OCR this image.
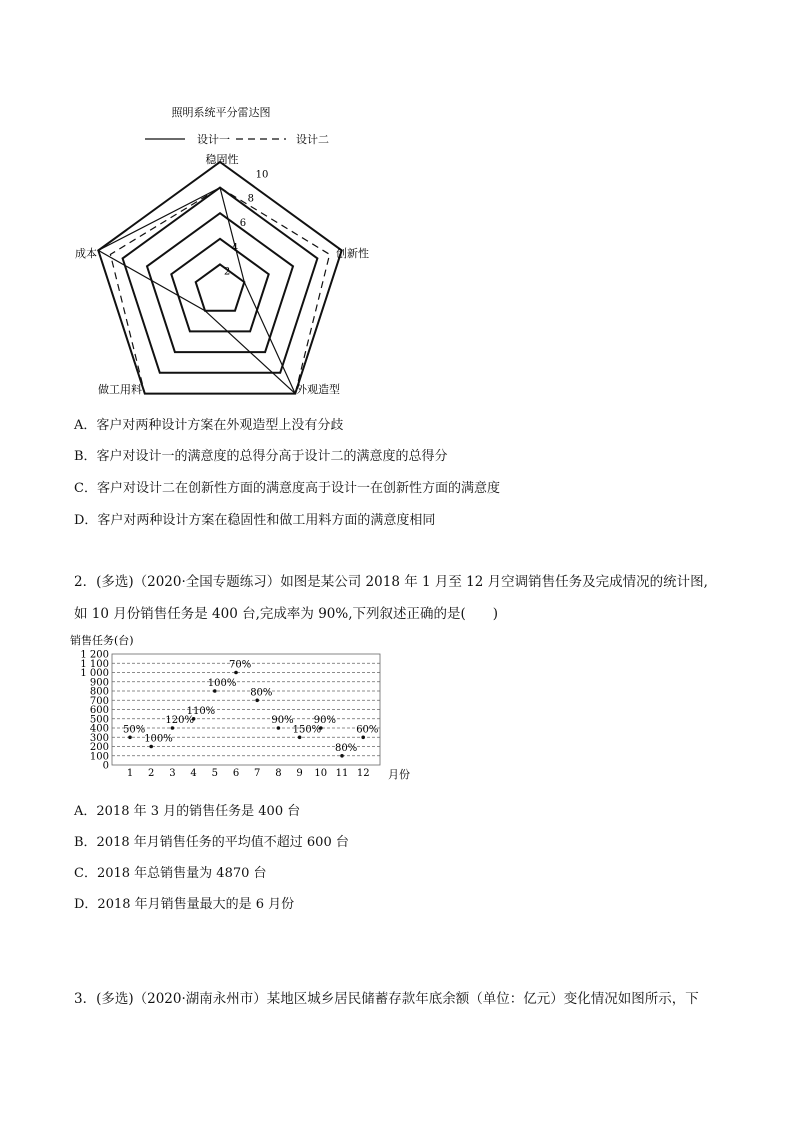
照明系统平分雷达图
设计一	设计二
2
4
6
8
10
稳固性
创新性
外观造型
做工用料
成本
A．客户对两种设计方案在外观造型上没有分歧
B．客户对设计一的满意度的总得分高于设计二的满意度的总得分
C．客户对设计二在创新性方面的满意度高于设计一在创新性方面的满意度
D．客户对两种设计方案在稳固性和做工用料方面的满意度相同
2．(多选)（2020·全国专题练习）如图是某公司 2018 年 1 月至 12 月空调销售任务及完成情况的统计图,
如 10 月份销售任务是 400 台,完成率为 90%,下列叙述正确的是(　　)
销售任务(台)
月份
0
100
200
300
400
500
600
700
800
900
1 000
1 100
1 200
1 2 3 4 5 6 7 8 9 10 11 12
50%
100%
120%
110%
100%
70%
80%
90%
150%
90%
80%
60%
A．2018 年 3 月的销售任务是 400 台
B．2018 年月销售任务的平均值不超过 600 台
C．2018 年总销售量为 4870 台
D．2018 年月销售量最大的是 6 月份
3．(多选)（2020·湖南永州市）某地区城乡居民储蓄存款年底余额（单位：亿元）变化情况如图所示，下
